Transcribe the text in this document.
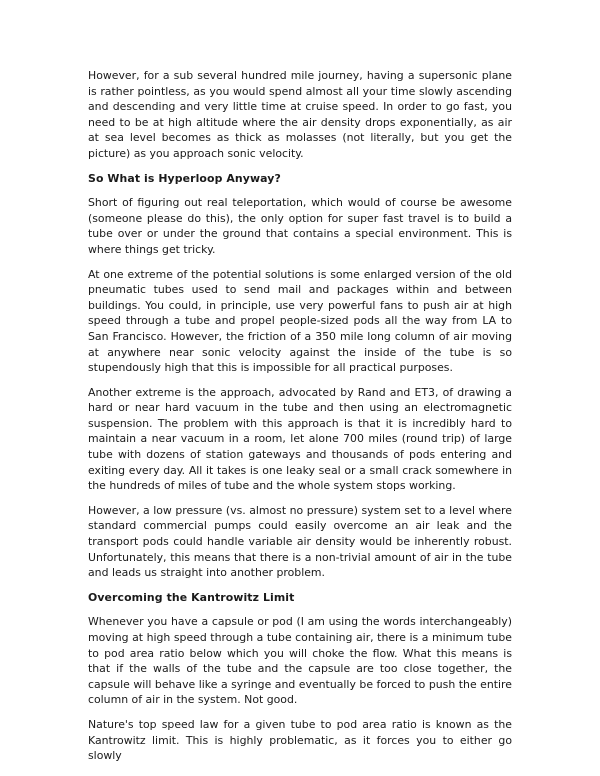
However, for a sub several hundred mile journey, having a supersonic plane is rather pointless, as you would spend almost all your time slowly ascending and descending and very little time at cruise speed. In order to go fast, you need to be at high altitude where the air density drops exponentially, as air at sea level becomes as thick as molasses (not literally, but you get the picture) as you approach sonic velocity.

So What is Hyperloop Anyway?

Short of figuring out real teleportation, which would of course be awesome (someone please do this), the only option for super fast travel is to build a tube over or under the ground that contains a special environment. This is where things get tricky.

At one extreme of the potential solutions is some enlarged version of the old pneumatic tubes used to send mail and packages within and between buildings. You could, in principle, use very powerful fans to push air at high speed through a tube and propel people-sized pods all the way from LA to San Francisco. However, the friction of a 350 mile long column of air moving at anywhere near sonic velocity against the inside of the tube is so stupendously high that this is impossible for all practical purposes.

Another extreme is the approach, advocated by Rand and ET3, of drawing a hard or near hard vacuum in the tube and then using an electromagnetic suspension. The problem with this approach is that it is incredibly hard to maintain a near vacuum in a room, let alone 700 miles (round trip) of large tube with dozens of station gateways and thousands of pods entering and exiting every day. All it takes is one leaky seal or a small crack somewhere in the hundreds of miles of tube and the whole system stops working.

However, a low pressure (vs. almost no pressure) system set to a level where standard commercial pumps could easily overcome an air leak and the transport pods could handle variable air density would be inherently robust. Unfortunately, this means that there is a non-trivial amount of air in the tube and leads us straight into another problem.

Overcoming the Kantrowitz Limit

Whenever you have a capsule or pod (I am using the words interchangeably) moving at high speed through a tube containing air, there is a minimum tube to pod area ratio below which you will choke the flow. What this means is that if the walls of the tube and the capsule are too close together, the capsule will behave like a syringe and eventually be forced to push the entire column of air in the system. Not good.

Nature's top speed law for a given tube to pod area ratio is known as the Kantrowitz limit. This is highly problematic, as it forces you to either go slowly
